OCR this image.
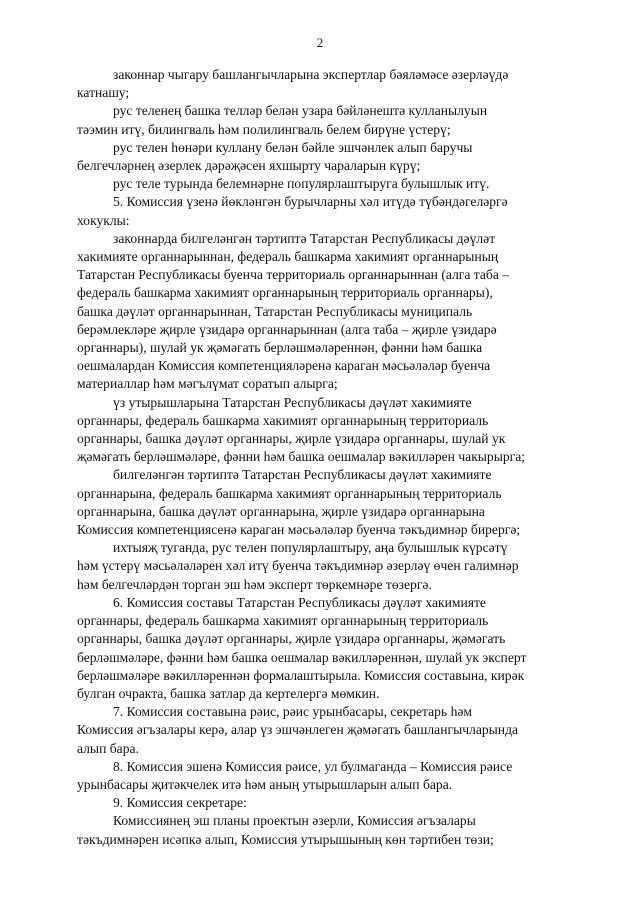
2

законнар чыгару башлангычларына экспертлар бәяләмәсе әзерләүдә
катнашу;

рус теленең башка телләр белән узара бәйләнештә кулланылуын
тәэмин итү, билингваль һәм полилингваль белем бирүне үстерү;

рус телен һөнәри куллану белән бәйле эшчәнлек алып баручы
белгечләрнең әзерлек дәрәҗәсен яхшырту чараларын күрү;

рус теле турында белемнәрне популярлаштыруга булышлык итү.

5. Комиссия үзенә йөкләнгән бурычларны хәл итүдә түбәндәгеләргә
хокуклы:

законнарда билгеләнгән тәртиптә Татарстан Республикасы дәүләт
хакимияте органнарыннан, федераль башкарма хакимият органнарының
Татарстан Республикасы буенча территориаль органнарыннан (алга таба –
федераль башкарма хакимият органнарының территориаль органнары),
башка дәүләт органнарыннан, Татарстан Республикасы муниципаль
берәмлекләре җирле үзидарә органнарыннан (алга таба – җирле үзидарә
органнары), шулай ук җәмәгать берләшмәләреннән, фәнни һәм башка
оешмалардан Комиссия компетенцияләренә караган мәсьәләләр буенча
материаллар һәм мәгълүмат соратып алырга;

үз утырышларына Татарстан Республикасы дәүләт хакимияте
органнары, федераль башкарма хакимият органнарының территориаль
органнары, башка дәүләт органнары, җирле үзидарә органнары, шулай ук
җәмәгать берләшмәләре, фәнни һәм башка оешмалар вәкилләрен чакырырга;

билгеләнгән тәртиптә Татарстан Республикасы дәүләт хакимияте
органнарына, федераль башкарма хакимият органнарының территориаль
органнарына, башка дәүләт органнарына, җирле үзидарә органнарына
Комиссия компетенциясенә караган мәсьәләләр буенча тәкъдимнәр бирергә;

ихтыяҗ туганда, рус телен популярлаштыру, аңа булышлык күрсәтү
һәм үстерү мәсьәләләрен хәл итү буенча тәкъдимнәр әзерләү өчен галимнәр
һәм белгечләрдән торган эш һәм эксперт төркемнәре төзергә.

6. Комиссия составы Татарстан Республикасы дәүләт хакимияте
органнары, федераль башкарма хакимият органнарының территориаль
органнары, башка дәүләт органнары, җирле үзидарә органнары, җәмәгать
берләшмәләре, фәнни һәм башка оешмалар вәкилләреннән, шулай ук эксперт
берләшмәләре вәкилләреннән формалаштырыла. Комиссия составына, кирәк
булган очракта, башка затлар да кертелергә мөмкин.

7. Комиссия составына рәис, рәис урынбасары, секретарь һәм
Комиссия әгъзалары керә, алар үз эшчәнлеген җәмәгать башлангычларында
алып бара.

8. Комиссия эшенә Комиссия рәисе, ул булмаганда – Комиссия рәисе
урынбасары җитәкчелек итә һәм аның утырышларын алып бара.

9. Комиссия секретаре:

Комиссиянең эш планы проектын әзерли, Комиссия әгъзалары
тәкъдимнәрен исәпкә алып, Комиссия утырышының көн тәртибен төзи;
